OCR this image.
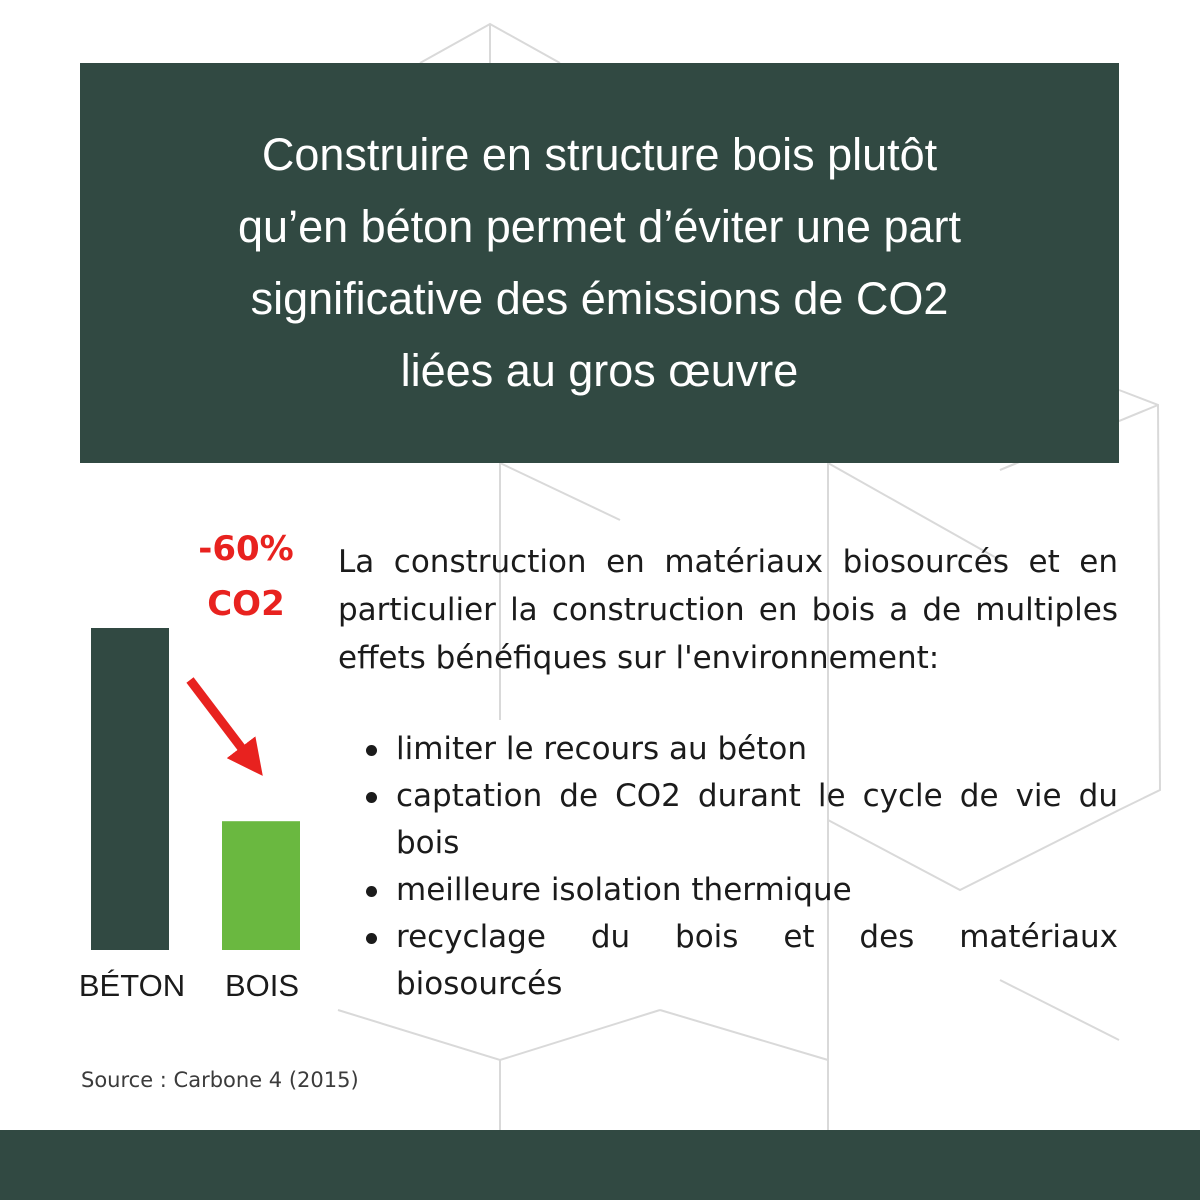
Construire en structure bois plutôt
qu’en béton permet d’éviter une part
significative des émissions de CO2
liées au gros œuvre
BÉTON BOIS
-60%
CO2

La construction en matériaux biosourcés et en particulier la construction en bois a de multiples effets bénéfiques sur l'environnement:

limiter le recours au béton
captation de CO2 durant le cycle de vie du bois
meilleure isolation thermique
recyclage du bois et des matériaux biosourcés

Source : Carbone 4 (2015)
